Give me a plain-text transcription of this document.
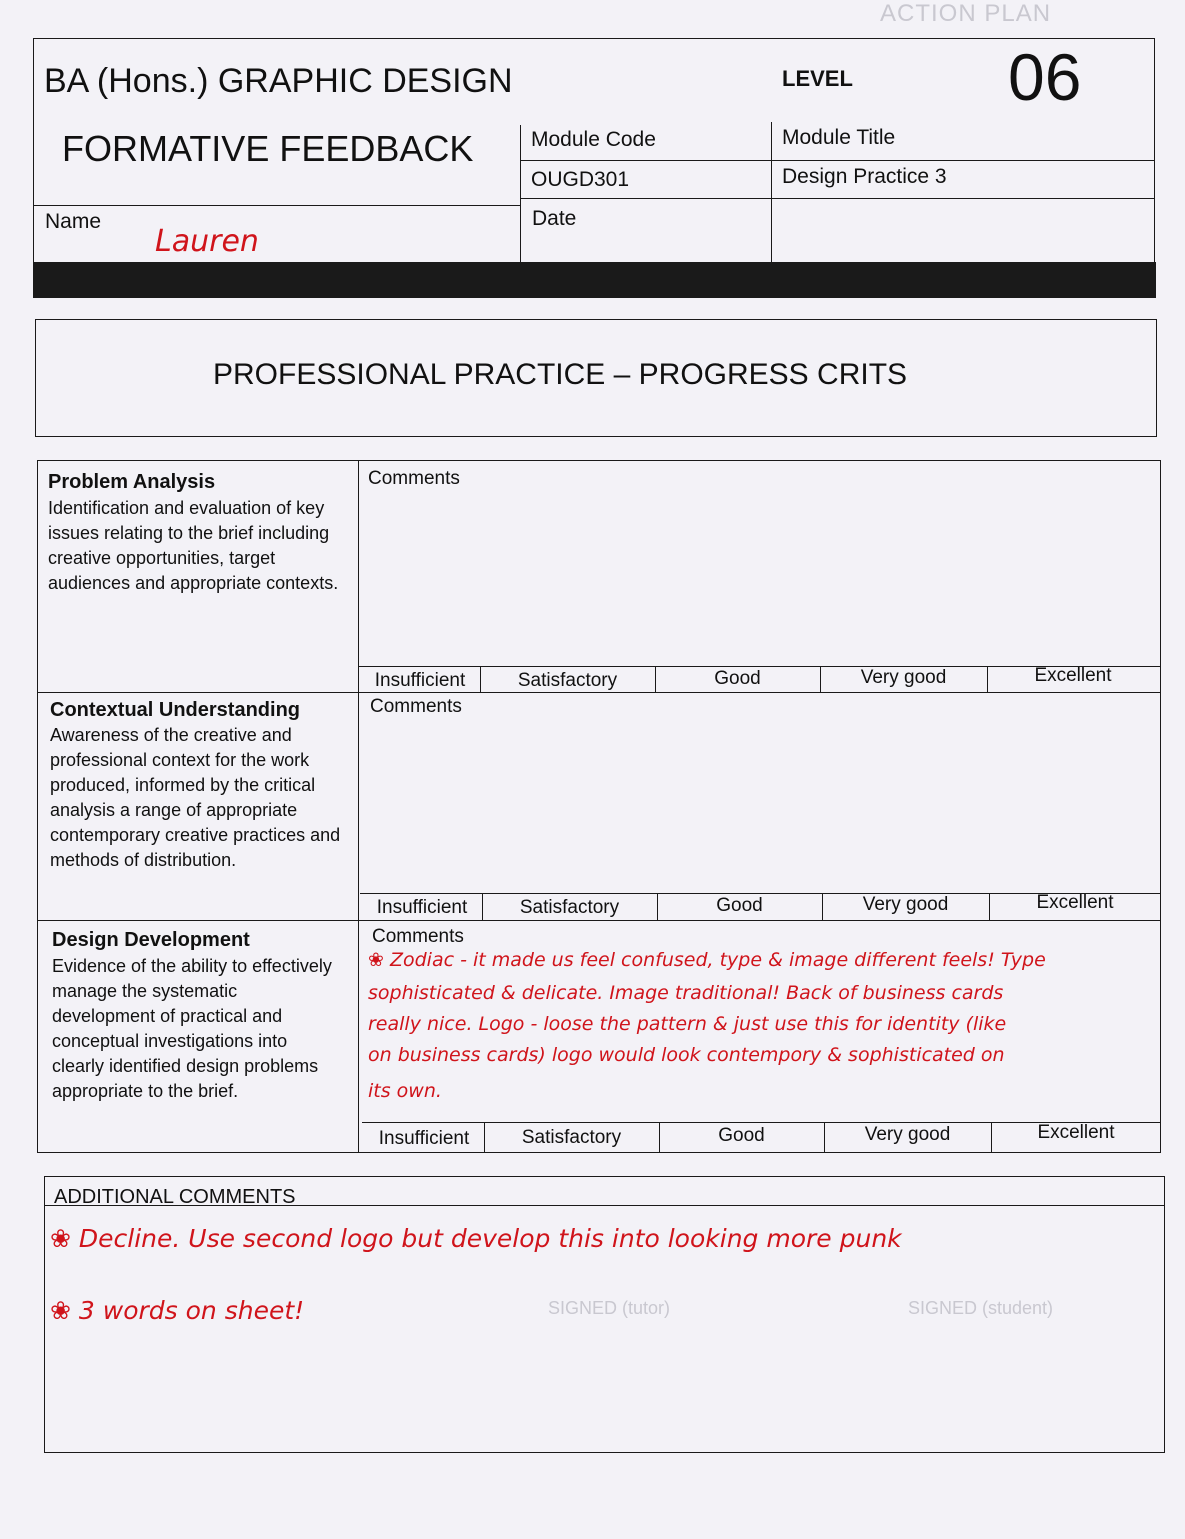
ACTION PLAN
SIGNED (student)
SIGNED (tutor)
BA (Hons.) GRAPHIC DESIGN	LEVEL 06
FORMATIVE FEEDBACK	Module Code
OUGD301
Module Title
Design Practice 3
Name
Lauren
Date
PROFESSIONAL PRACTICE – PROGRESS CRITS
Problem Analysis
Identification and evaluation of key issues relating to the brief including creative opportunities, target audiences and appropriate contexts.
Comments
Insufficient	Satisfactory	Good	Very good	Excellent
Contextual Understanding
Awareness of the creative and professional context for the work produced, informed by the critical analysis a range of appropriate contemporary creative practices and methods of distribution.
Comments
Insufficient	Satisfactory	Good	Very good	Excellent
Design Development
Evidence of the ability to effectively manage the systematic development of practical and conceptual investigations into clearly identified design problems appropriate to the brief.
Comments
❀ Zodiac - it made us feel confused, type & image different feels! Type
sophisticated & delicate. Image traditional! Back of business cards
really nice. Logo - loose the pattern & just use this for identity (like
on business cards) logo would look contempory & sophisticated on
its own.
Insufficient	Satisfactory	Good	Very good	Excellent
ADDITIONAL COMMENTS
❀ Decline. Use second logo but develop this into looking more punk
❀ 3 words on sheet!
